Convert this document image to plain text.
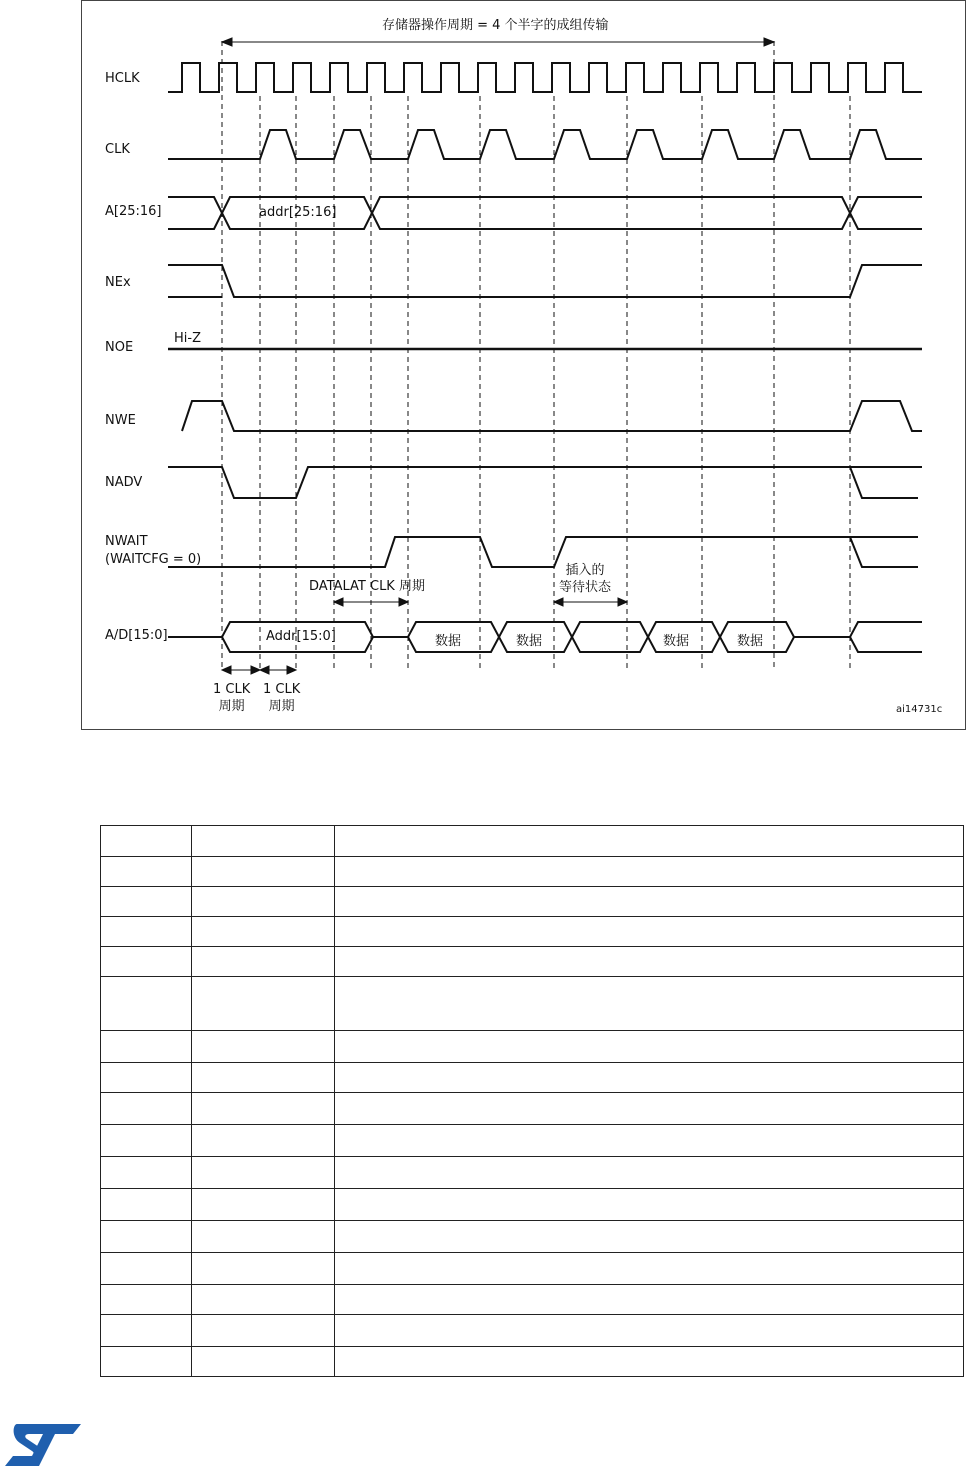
存储器操作周期 = 4 个半字的成组传输
HCLK
CLK
A[25:16]
NEx
NOE
NWE
NADV
NWAIT
(WAITCFG = 0)
A/D[15:0]
Hi-Z
addr[25:16]
Addr[15:0]
DATALAT CLK 周期
插入的
等待状态
1 CLK
周期
1 CLK
周期
数据	数据	数据	数据
ai14731c
